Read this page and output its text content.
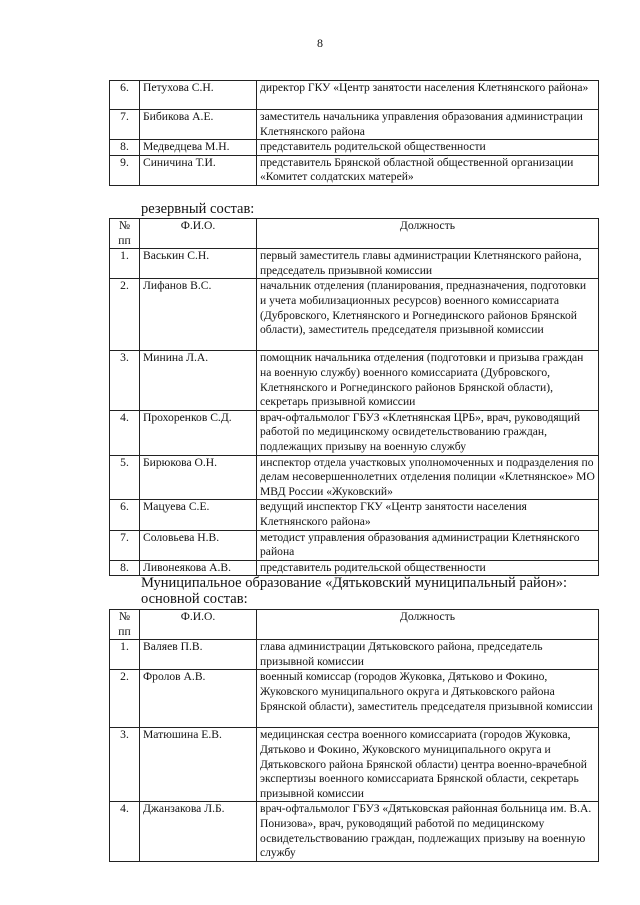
8
6.	Петухова С.Н.	директор ГКУ «Центр занятости населения Клетнянского района»
7.	Бибикова А.Е.	заместитель начальника управления образования администрации Клетнянского района
8.	Медведцева М.Н.	представитель родительской общественности
9.	Синичина Т.И.	представитель Брянской областной общественной организации «Комитет солдатских матерей»
резервный состав:
№ пп	Ф.И.О.	Должность
1.	Васькин С.Н.	первый заместитель главы администрации Клетнянского района, председатель призывной комиссии
2.	Лифанов В.С.	начальник отделения (планирования, предназначения, подготовки и учета мобилизационных ресурсов) военного комиссариата (Дубровского, Клетнянского и Рогнединского районов Брянской области), заместитель председателя призывной комиссии
3.	Минина Л.А.	помощник начальника отделения (подготовки и призыва граждан на военную службу) военного комиссариата (Дубровского, Клетнянского и Рогнединского районов Брянской области), секретарь призывной комиссии
4.	Прохоренков С.Д.	врач-офтальмолог ГБУЗ «Клетнянская ЦРБ», врач, руководящий работой по медицинскому освидетельствованию граждан, подлежащих призыву на военную службу
5.	Бирюкова О.Н.	инспектор отдела участковых уполномоченных и подразделения по делам несовершеннолетних отделения полиции «Клетнянское» МО МВД России «Жуковский»
6.	Мацуева С.Е.	ведущий инспектор ГКУ «Центр занятости населения Клетнянского района»
7.	Соловьева Н.В.	методист управления образования администрации Клетнянского района
8.	Ливонеякова А.В.	представитель родительской общественности
Муниципальное образование «Дятьковский муниципальный район»:
основной состав:
№ пп	Ф.И.О.	Должность
1.	Валяев П.В.	глава администрации Дятьковского района, председатель призывной комиссии
2.	Фролов А.В.	военный комиссар (городов Жуковка, Дятьково и Фокино, Жуковского муниципального округа и Дятьковского района Брянской области), заместитель председателя призывной комиссии
3.	Матюшина Е.В.	медицинская сестра военного комиссариата (городов Жуковка, Дятьково и Фокино, Жуковского муниципального округа и Дятьковского района Брянской области) центра военно-врачебной экспертизы военного комиссариата Брянской области, секретарь призывной комиссии
4.	Джанзакова Л.Б.	врач-офтальмолог ГБУЗ «Дятьковская районная больница им. В.А. Понизова», врач, руководящий работой по медицинскому освидетельствованию граждан, подлежащих призыву на военную службу
